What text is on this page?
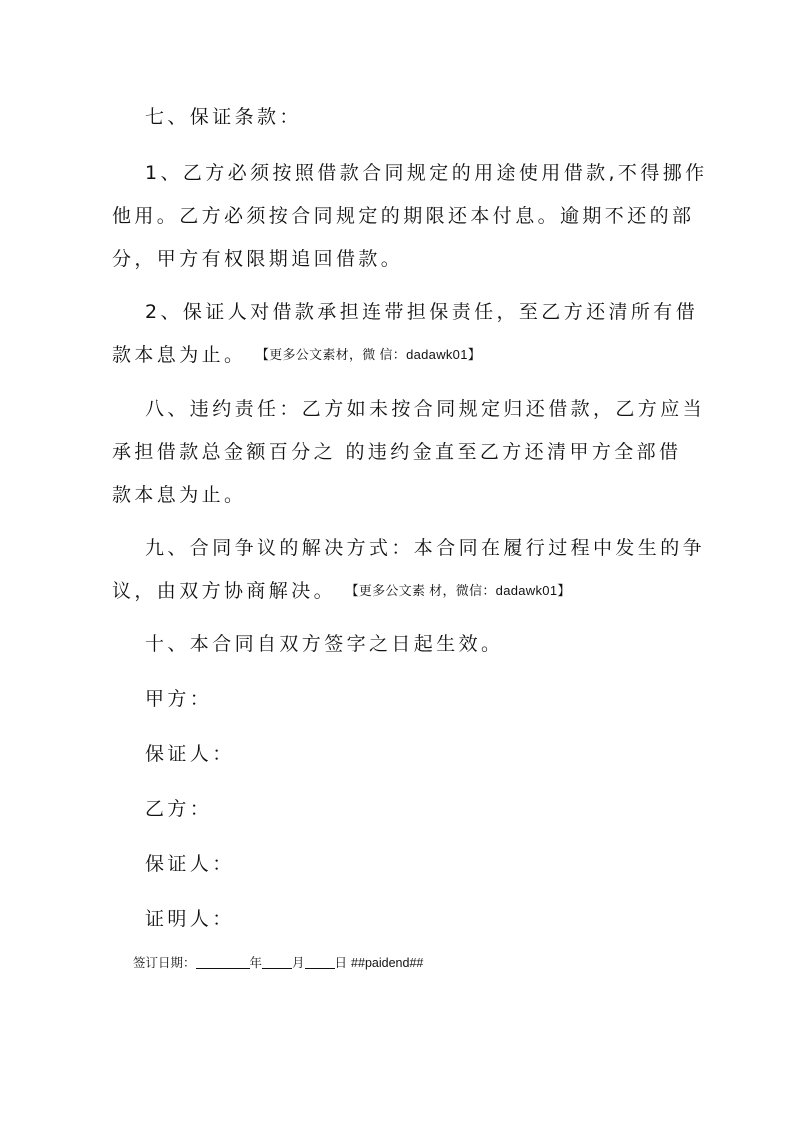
七、保证条款：
1、乙方必须按照借款合同规定的用途使用借款,不得挪作
他用。乙方必须按合同规定的期限还本付息。逾期不还的部
分，甲方有权限期追回借款。
2、保证人对借款承担连带担保责任，至乙方还清所有借
款本息为止。 【更多公文素材，微 信：dadawk01】
八、违约责任：乙方如未按合同规定归还借款，乙方应当
承担借款总金额百分之 的违约金直至乙方还清甲方全部借
款本息为止。
九、合同争议的解决方式：本合同在履行过程中发生的争
议，由双方协商解决。 【更多公文素 材，微信：dadawk01】
十、本合同自双方签字之日起生效。
甲方：
保证人：
乙方：
保证人：
证明人：
签订日期：	年 月 日 ##paidend##
